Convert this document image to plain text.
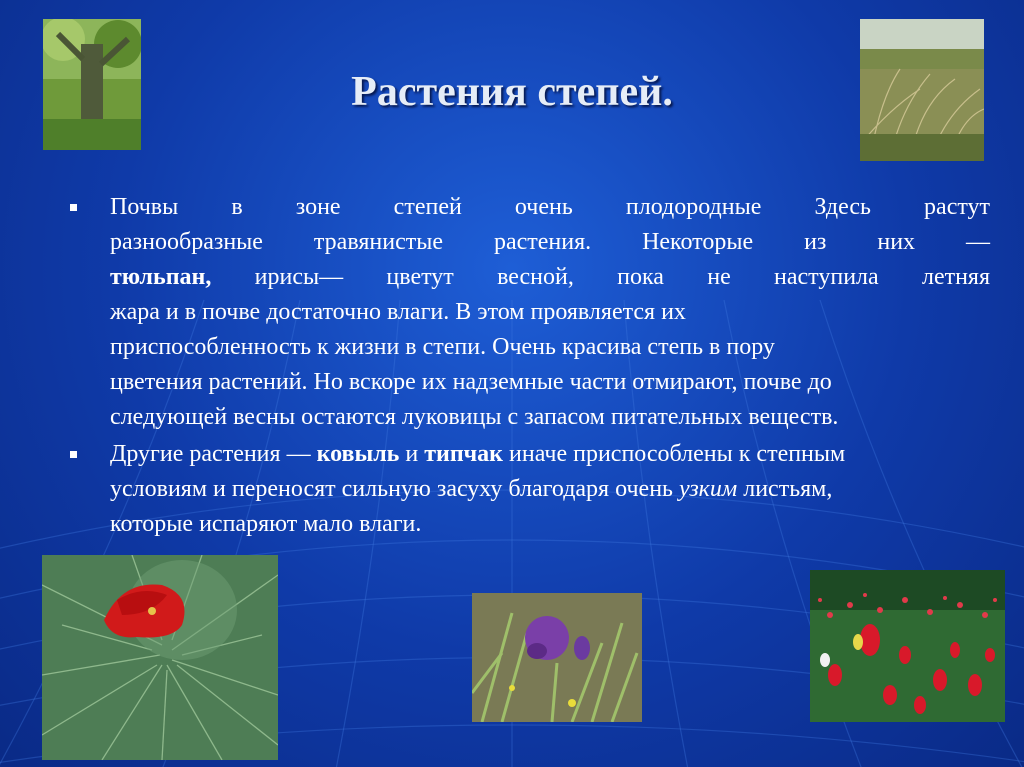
Растения степей.
Почвы в зоне степей очень плодородные Здесь растут
разнообразные травянистые растения. Некоторые из них —
тюльпан, ирисы— цветут весной, пока не наступила летняя
жара и в почве достаточно влаги. В этом проявляется их
приспособленность к жизни в степи. Очень красива степь в пору
цветения растений. Но вскоре их надземные части отмирают, почве до
следующей весны остаются луковицы с запасом питательных веществ.
Другие растения — ковыль и типчак иначе приспособлены к степным
условиям и переносят сильную засуху благодаря очень узким листьям,
которые испаряют мало влаги.
